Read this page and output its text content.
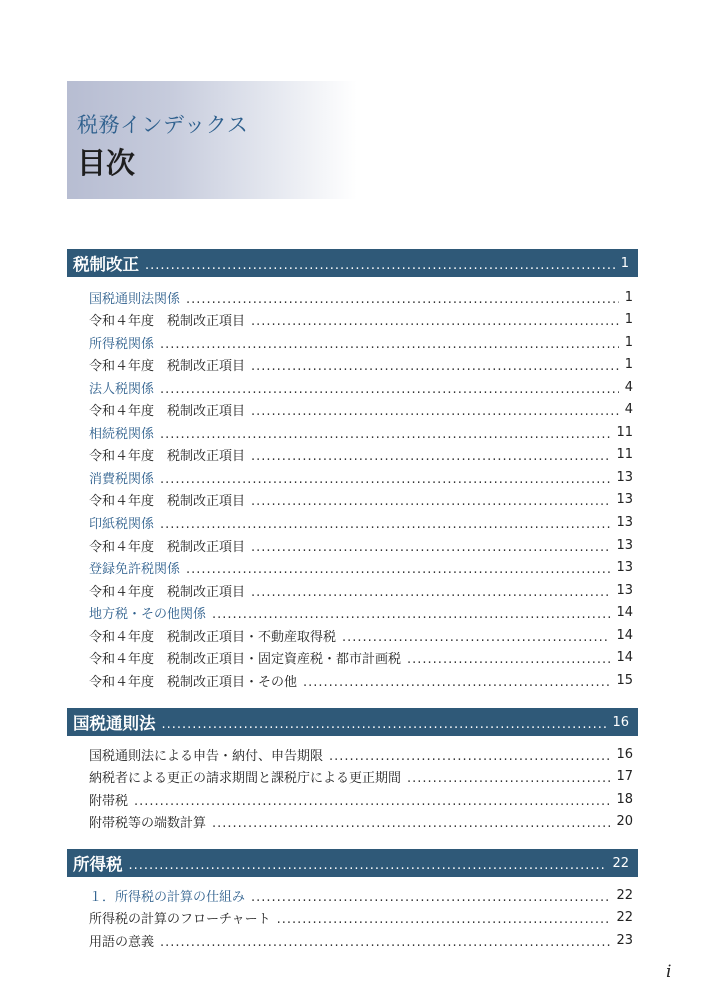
税務インデックス
目次
税制改正 .....	1
国税通則法関係 .....	1
令和４年度　税制改正項目 .....	1
所得税関係 .....	1
令和４年度　税制改正項目 .....	1
法人税関係 .....	4
令和４年度　税制改正項目 .....	4
相続税関係 .....	11
令和４年度　税制改正項目 .....	11
消費税関係 .....	13
令和４年度　税制改正項目 .....	13
印紙税関係 .....	13
令和４年度　税制改正項目 .....	13
登録免許税関係 .....	13
令和４年度　税制改正項目 .....	13
地方税・その他関係 .....	14
令和４年度　税制改正項目・不動産取得税 .....	14
令和４年度　税制改正項目・固定資産税・都市計画税 .....	14
令和４年度　税制改正項目・その他 .....	15
国税通則法 .....	16
国税通則法による申告・納付、申告期限 .....	16
納税者による更正の請求期間と課税庁による更正期間 .....	17
附帯税 .....	18
附帯税等の端数計算 .....	20
所得税 .....	22
１．所得税の計算の仕組み .....	22
所得税の計算のフローチャート .....	22
用語の意義 .....	23
i
